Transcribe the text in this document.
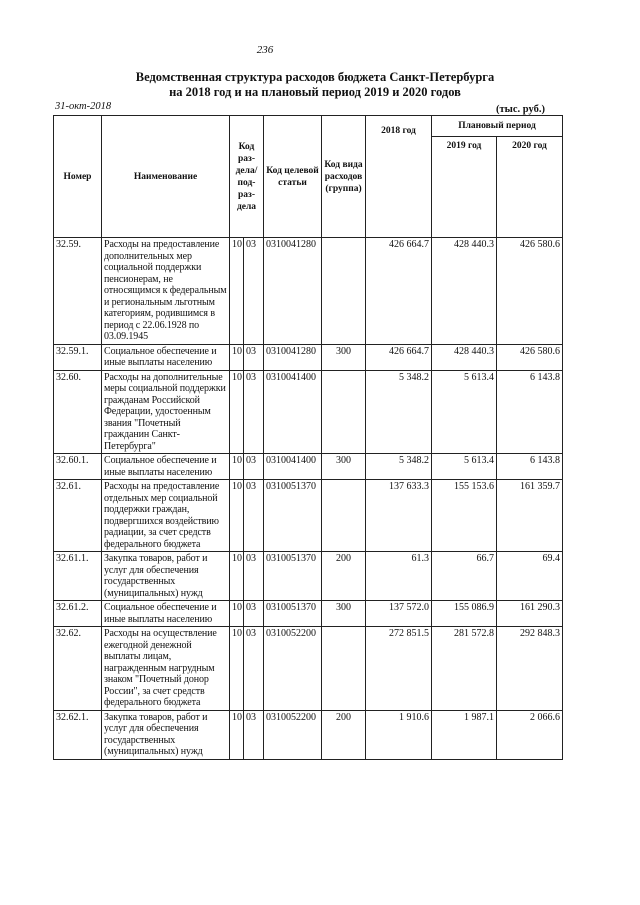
236
Ведомственная структура расходов бюджета Санкт-Петербурга
на 2018 год и на плановый период 2019 и 2020 годов
31-окт-2018	(тыс. руб.)
Номер	Наименование	Код раз- дела/ под- раз- дела		Код целевой статьи	Код вида расходов (группа)	2018 год	Плановый период	
							2019 год	2020 год
32.59.	Расходы на предоставление дополнительных мер социальной поддержки пенсионерам, не относящимся к федеральным и региональным льготным категориям, родившимся в период с 22.06.1928 по 03.09.1945	10	03	0310041280		426 664.7	428 440.3	426 580.6
32.59.1.	Социальное обеспечение и иные выплаты населению	10	03	0310041280	300	426 664.7	428 440.3	426 580.6
32.60.	Расходы на дополнительные меры социальной поддержки гражданам Российской Федерации, удостоенным звания "Почетный гражданин Санкт-Петербурга"	10	03	0310041400		5 348.2	5 613.4	6 143.8
32.60.1.	Социальное обеспечение и иные выплаты населению	10	03	0310041400	300	5 348.2	5 613.4	6 143.8
32.61.	Расходы на предоставление отдельных мер социальной поддержки граждан, подвергшихся воздействию радиации, за счет средств федерального бюджета	10	03	0310051370		137 633.3	155 153.6	161 359.7
32.61.1.	Закупка товаров, работ и услуг для обеспечения государственных (муниципальных) нужд	10	03	0310051370	200	61.3	66.7	69.4
32.61.2.	Социальное обеспечение и иные выплаты населению	10	03	0310051370	300	137 572.0	155 086.9	161 290.3
32.62.	Расходы на осуществление ежегодной денежной выплаты лицам, награжденным нагрудным знаком "Почетный донор России", за счет средств федерального бюджета	10	03	0310052200		272 851.5	281 572.8	292 848.3
32.62.1.	Закупка товаров, работ и услуг для обеспечения государственных (муниципальных) нужд	10	03	0310052200	200	1 910.6	1 987.1	2 066.6
